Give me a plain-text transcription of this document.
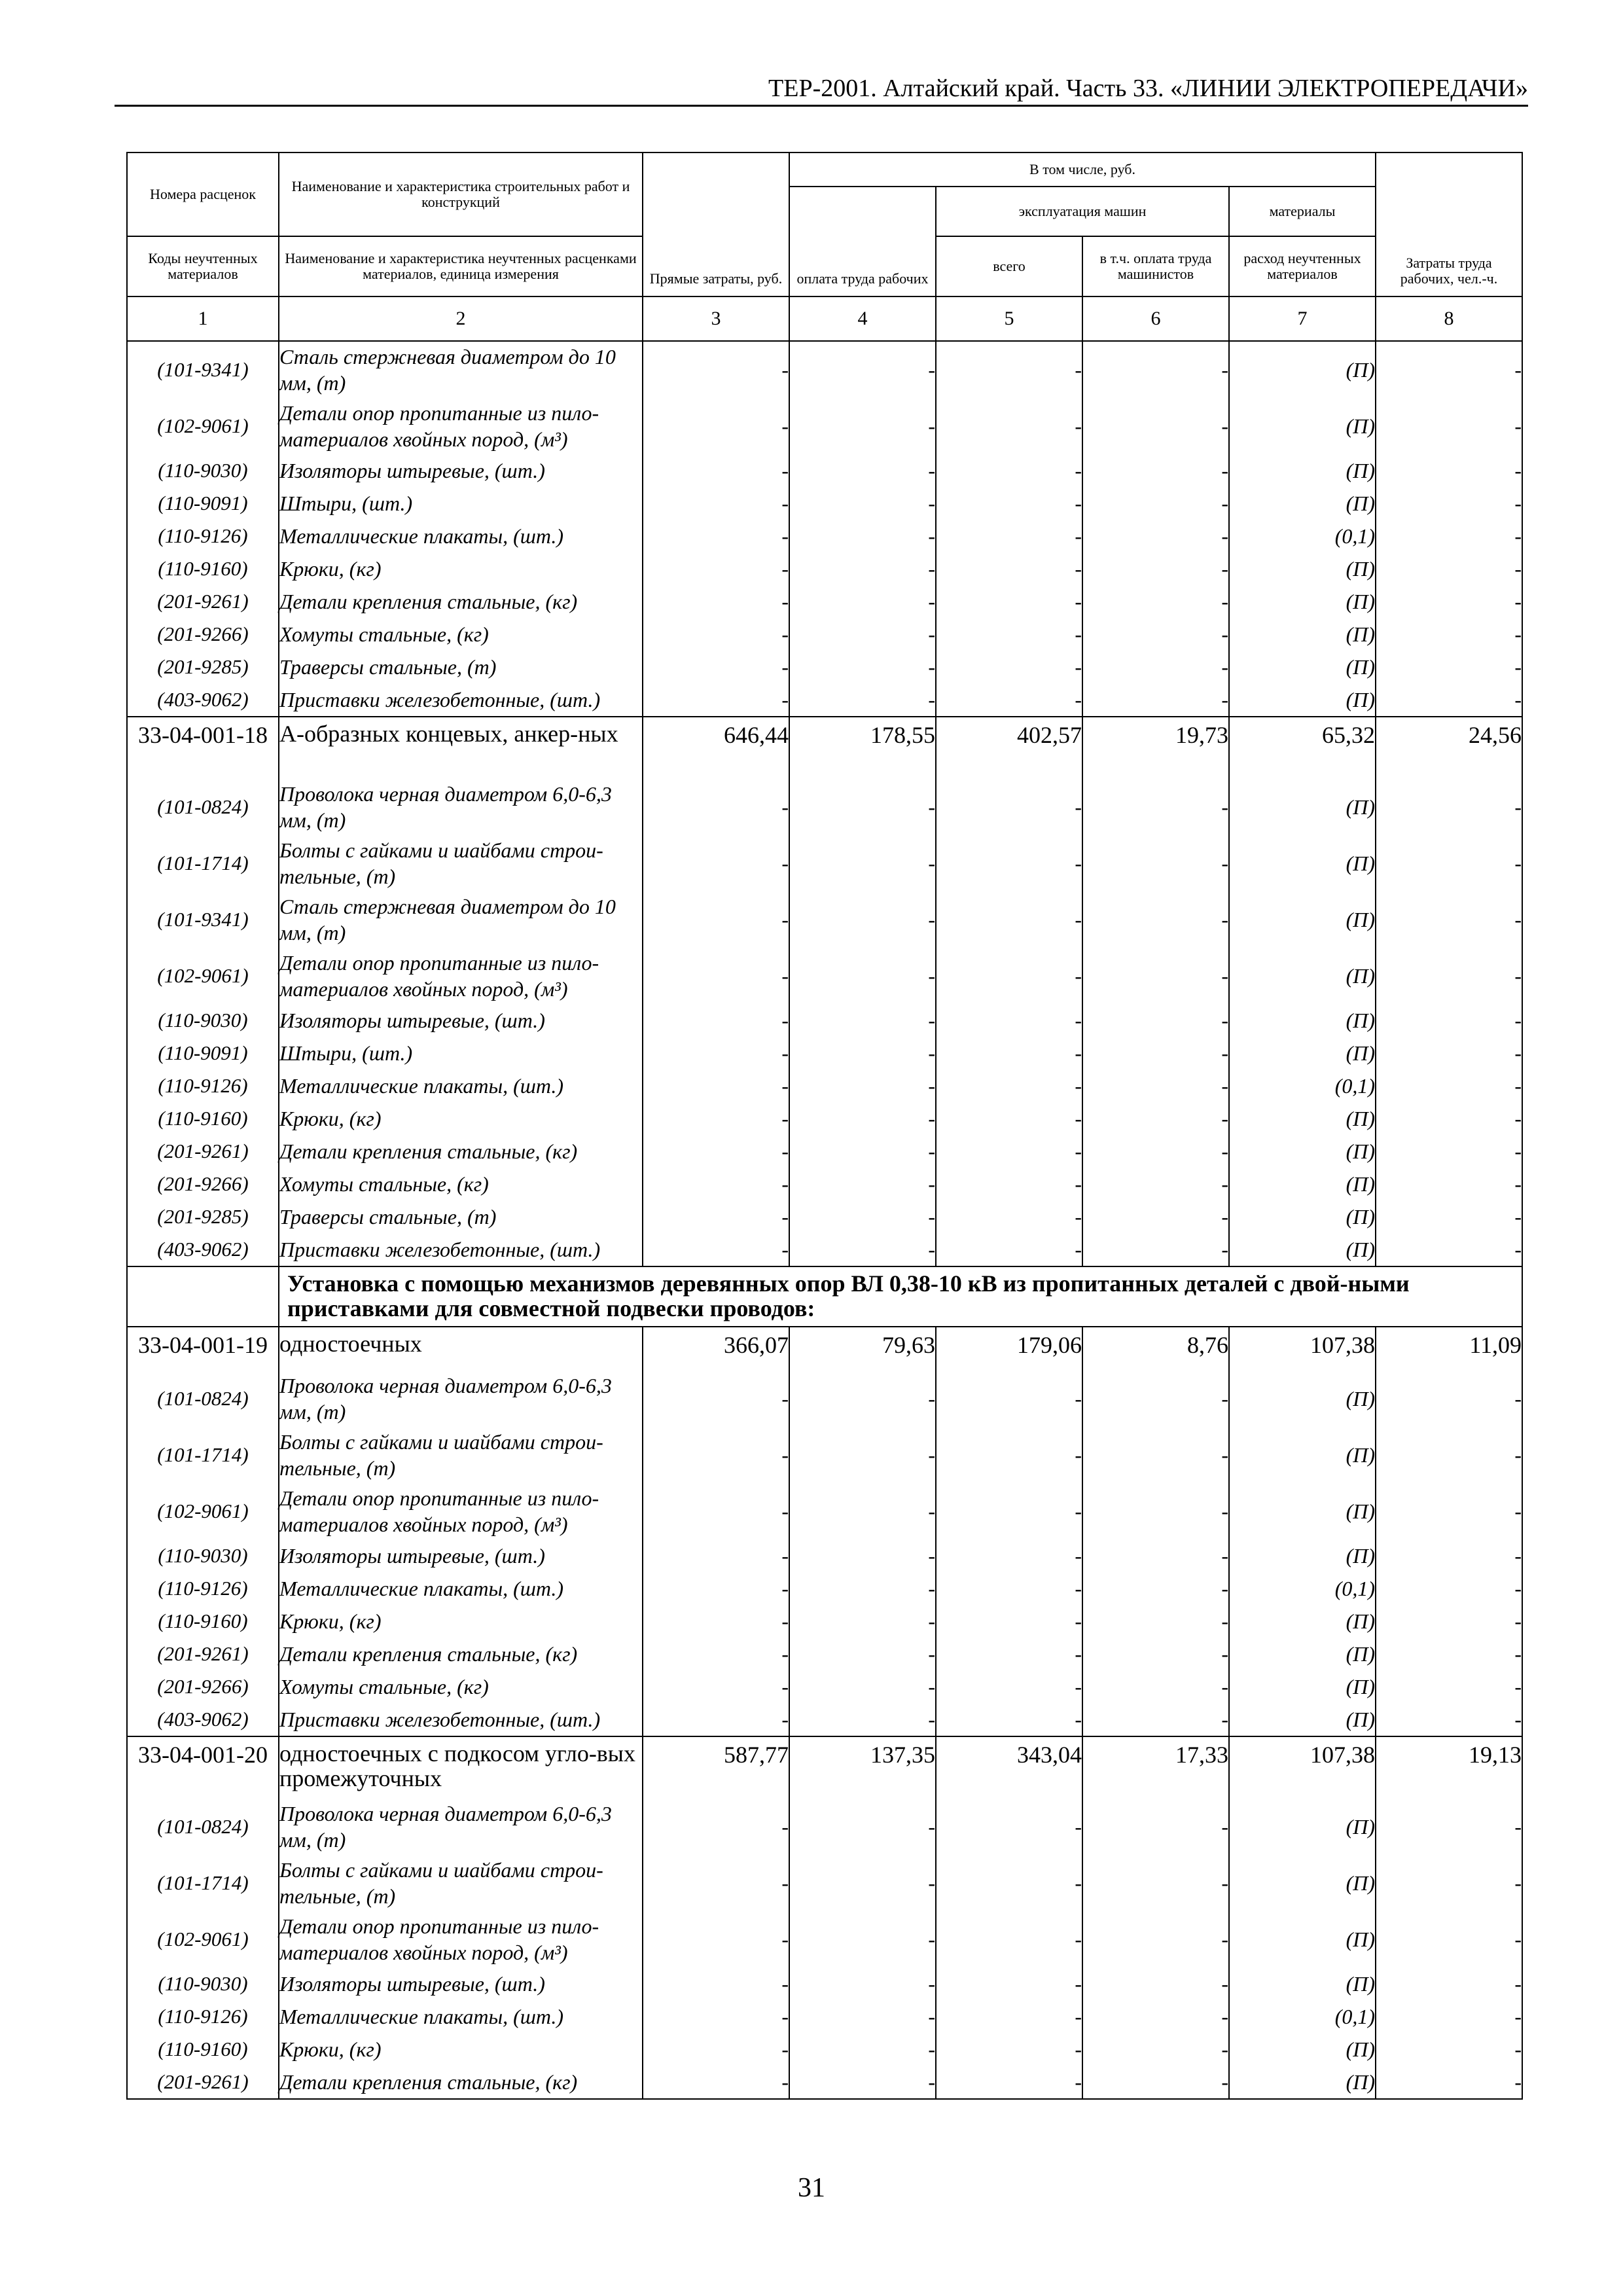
ТЕР-2001. Алтайский край. Часть 33. «ЛИНИИ ЭЛЕКТРОПЕРЕДАЧИ»
Номера расценок	Наименование и характеристика строительных работ и конструкций	Прямые затраты, руб.	В том числе, руб.				Затраты труда рабочих, чел.-ч.
			оплата труда рабочих	эксплуатация машин		материалы	
Коды неучтенных материалов	Наименование и характеристика неучтенных расценками материалов, единица измерения			всего	в т.ч. оплата труда машинистов	расход неучтенных материалов	
1	2	3	4	5	6	7	8
(101-9341)	Сталь стержневая диаметром до 10 мм, (т)	-	-	-	-	(П)	-
(102-9061)	Детали опор пропитанные из пило-материалов хвойных пород, (м³)	-	-	-	-	(П)	-
(110-9030)	Изоляторы штыревые, (шт.)	-	-	-	-	(П)	-
(110-9091)	Штыри, (шт.)	-	-	-	-	(П)	-
(110-9126)	Металлические плакаты, (шт.)	-	-	-	-	(0,1)	-
(110-9160)	Крюки, (кг)	-	-	-	-	(П)	-
(201-9261)	Детали крепления стальные, (кг)	-	-	-	-	(П)	-
(201-9266)	Хомуты стальные, (кг)	-	-	-	-	(П)	-
(201-9285)	Траверсы стальные, (т)	-	-	-	-	(П)	-
(403-9062)	Приставки железобетонные, (шт.)	-	-	-	-	(П)	-
33-04-001-18	А-образных концевых, анкер-ных	646,44	178,55	402,57	19,73	65,32	24,56
(101-0824)	Проволока черная диаметром 6,0-6,3 мм, (т)	-	-	-	-	(П)	-
(101-1714)	Болты с гайками и шайбами строи-тельные, (т)	-	-	-	-	(П)	-
(101-9341)	Сталь стержневая диаметром до 10 мм, (т)	-	-	-	-	(П)	-
(102-9061)	Детали опор пропитанные из пило-материалов хвойных пород, (м³)	-	-	-	-	(П)	-
(110-9030)	Изоляторы штыревые, (шт.)	-	-	-	-	(П)	-
(110-9091)	Штыри, (шт.)	-	-	-	-	(П)	-
(110-9126)	Металлические плакаты, (шт.)	-	-	-	-	(0,1)	-
(110-9160)	Крюки, (кг)	-	-	-	-	(П)	-
(201-9261)	Детали крепления стальные, (кг)	-	-	-	-	(П)	-
(201-9266)	Хомуты стальные, (кг)	-	-	-	-	(П)	-
(201-9285)	Траверсы стальные, (т)	-	-	-	-	(П)	-
(403-9062)	Приставки железобетонные, (шт.)	-	-	-	-	(П)	-
	Установка с помощью механизмов деревянных опор ВЛ 0,38-10 кВ из пропитанных деталей с двой-ными приставками для совместной подвески проводов:						
33-04-001-19	одностоечных	366,07	79,63	179,06	8,76	107,38	11,09
(101-0824)	Проволока черная диаметром 6,0-6,3 мм, (т)	-	-	-	-	(П)	-
(101-1714)	Болты с гайками и шайбами строи-тельные, (т)	-	-	-	-	(П)	-
(102-9061)	Детали опор пропитанные из пило-материалов хвойных пород, (м³)	-	-	-	-	(П)	-
(110-9030)	Изоляторы штыревые, (шт.)	-	-	-	-	(П)	-
(110-9126)	Металлические плакаты, (шт.)	-	-	-	-	(0,1)	-
(110-9160)	Крюки, (кг)	-	-	-	-	(П)	-
(201-9261)	Детали крепления стальные, (кг)	-	-	-	-	(П)	-
(201-9266)	Хомуты стальные, (кг)	-	-	-	-	(П)	-
(403-9062)	Приставки железобетонные, (шт.)	-	-	-	-	(П)	-
33-04-001-20	одностоечных с подкосом угло-вых промежуточных	587,77	137,35	343,04	17,33	107,38	19,13
(101-0824)	Проволока черная диаметром 6,0-6,3 мм, (т)	-	-	-	-	(П)	-
(101-1714)	Болты с гайками и шайбами строи-тельные, (т)	-	-	-	-	(П)	-
(102-9061)	Детали опор пропитанные из пило-материалов хвойных пород, (м³)	-	-	-	-	(П)	-
(110-9030)	Изоляторы штыревые, (шт.)	-	-	-	-	(П)	-
(110-9126)	Металлические плакаты, (шт.)	-	-	-	-	(0,1)	-
(110-9160)	Крюки, (кг)	-	-	-	-	(П)	-
(201-9261)	Детали крепления стальные, (кг)	-	-	-	-	(П)	-
31
